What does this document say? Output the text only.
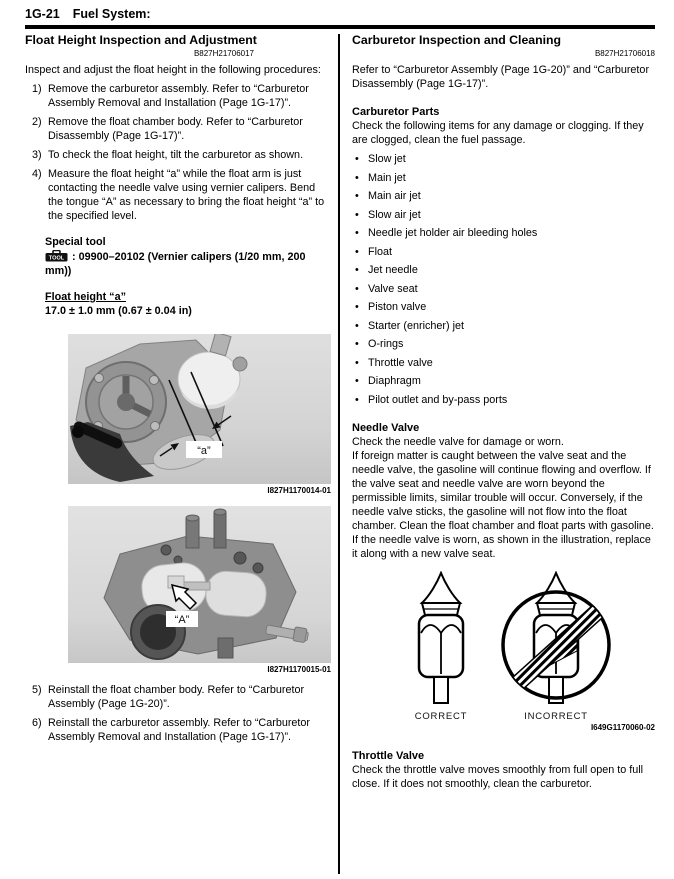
1G-21 Fuel System:
Float Height Inspection and Adjustment
B827H21706017

Inspect and adjust the float height in the following procedures:

1) Remove the carburetor assembly. Refer to “Carburetor Assembly Removal and Installation (Page 1G-17)”.
2) Remove the float chamber body. Refer to “Carburetor Disassembly (Page 1G-17)”.
3) To check the float height, tilt the carburetor as shown.
4) Measure the float height “a” while the float arm is just contacting the needle valve using vernier calipers. Bend the tongue “A” as necessary to bring the float height “a” to the specified level.
Special tool
TOOL : 09900–20102 (Vernier calipers (1/20 mm, 200 mm))
Float height “a”
17.0 ± 1.0 mm (0.67 ± 0.04 in)
“a”
I827H1170014-01
“A”
I827H1170015-01
5) Reinstall the float chamber body. Refer to “Carburetor Assembly (Page 1G-20)”.
6) Reinstall the carburetor assembly. Refer to “Carburetor Assembly Removal and Installation (Page 1G-17)”.
Carburetor Inspection and Cleaning
B827H21706018

Refer to “Carburetor Assembly (Page 1G-20)” and “Carburetor Disassembly (Page 1G-17)”.

Carburetor Parts

Check the following items for any damage or clogging. If they are clogged, clean the fuel passage.

• Slow jet
• Main jet
• Main air jet
• Slow air jet
• Needle jet holder air bleeding holes
• Float
• Jet needle
• Valve seat
• Piston valve
• Starter (enricher) jet
• O-rings
• Throttle valve
• Diaphragm
• Pilot outlet and by-pass ports
Needle Valve

Check the needle valve for damage or worn.

If foreign matter is caught between the valve seat and the needle valve, the gasoline will continue flowing and overflow. If the valve seat and needle valve are worn beyond the permissible limits, similar trouble will occur. Conversely, if the needle valve sticks, the gasoline will not flow into the float chamber. Clean the float chamber and float parts with gasoline. If the needle valve is worn, as shown in the illustration, replace it along with a new valve seat.

CORRECT	INCORRECT
I649G1170060-02
Throttle Valve

Check the throttle valve moves smoothly from full open to full close. If it does not smoothly, clean the carburetor.
